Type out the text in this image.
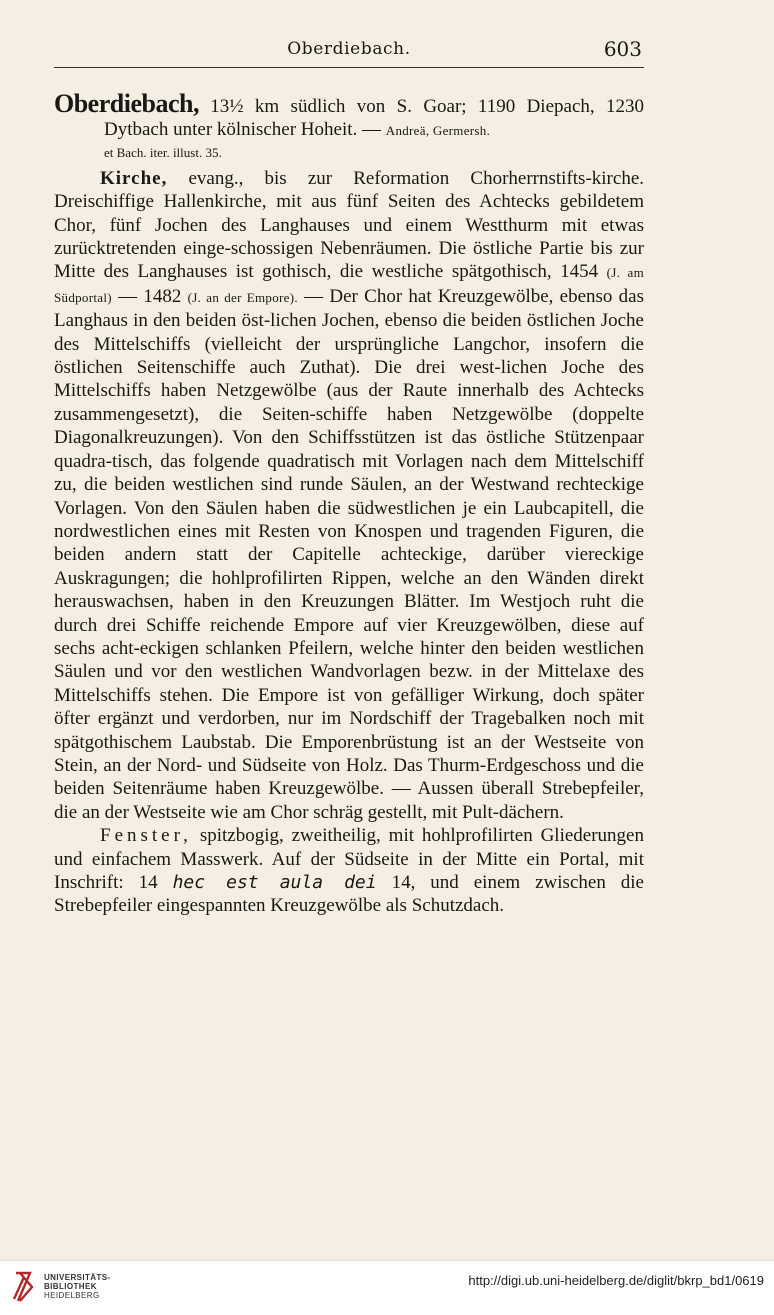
Oberdiebach.	603

Oberdiebach, 13½ km südlich von S. Goar; 1190 Diepach, 1230 Dytbach unter kölnischer Hoheit. — Andreä, Germersh.

et Bach. iter. illust. 35.

Kirche, evang., bis zur Reformation Chorherrnstifts-kirche. Dreischiffige Hallenkirche, mit aus fünf Seiten des Achtecks gebildetem Chor, fünf Jochen des Langhauses und einem Westthurm mit etwas zurücktretenden einge-schossigen Nebenräumen. Die östliche Partie bis zur Mitte des Langhauses ist gothisch, die westliche spätgothisch, 1454 (J. am Südportal) — 1482 (J. an der Empore). — Der Chor hat Kreuzgewölbe, ebenso das Langhaus in den beiden öst-lichen Jochen, ebenso die beiden östlichen Joche des Mittelschiffs (vielleicht der ursprüngliche Langchor, insofern die östlichen Seitenschiffe auch Zuthat). Die drei west-lichen Joche des Mittelschiffs haben Netzgewölbe (aus der Raute innerhalb des Achtecks zusammengesetzt), die Seiten-schiffe haben Netzgewölbe (doppelte Diagonalkreuzungen). Von den Schiffsstützen ist das östliche Stützenpaar quadra-tisch, das folgende quadratisch mit Vorlagen nach dem Mittelschiff zu, die beiden westlichen sind runde Säulen, an der Westwand rechteckige Vorlagen. Von den Säulen haben die südwestlichen je ein Laubcapitell, die nordwestlichen eines mit Resten von Knospen und tragenden Figuren, die beiden andern statt der Capitelle achteckige, darüber viereckige Auskragungen; die hohlprofilirten Rippen, welche an den Wänden direkt herauswachsen, haben in den Kreuzungen Blätter. Im Westjoch ruht die durch drei Schiffe reichende Empore auf vier Kreuzgewölben, diese auf sechs acht-eckigen schlanken Pfeilern, welche hinter den beiden westlichen Säulen und vor den westlichen Wandvorlagen bezw. in der Mittelaxe des Mittelschiffs stehen. Die Empore ist von gefälliger Wirkung, doch später öfter ergänzt und verdorben, nur im Nordschiff der Tragebalken noch mit spätgothischem Laubstab. Die Emporenbrüstung ist an der Westseite von Stein, an der Nord- und Südseite von Holz. Das Thurm-Erdgeschoss und die beiden Seitenräume haben Kreuzgewölbe. — Aussen überall Strebepfeiler, die an der Westseite wie am Chor schräg gestellt, mit Pult-dächern.

Fenster, spitzbogig, zweitheilig, mit hohlprofilirten Gliederungen und einfachem Masswerk. Auf der Südseite in der Mitte ein Portal, mit Inschrift: 14 hec est aula dei 14, und einem zwischen die Strebepfeiler eingespannten Kreuzgewölbe als Schutzdach.

UNIVERSITÄTS-
BIBLIOTHEK
HEIDELBERG
http://digi.ub.uni-heidelberg.de/diglit/bkrp_bd1/0619
